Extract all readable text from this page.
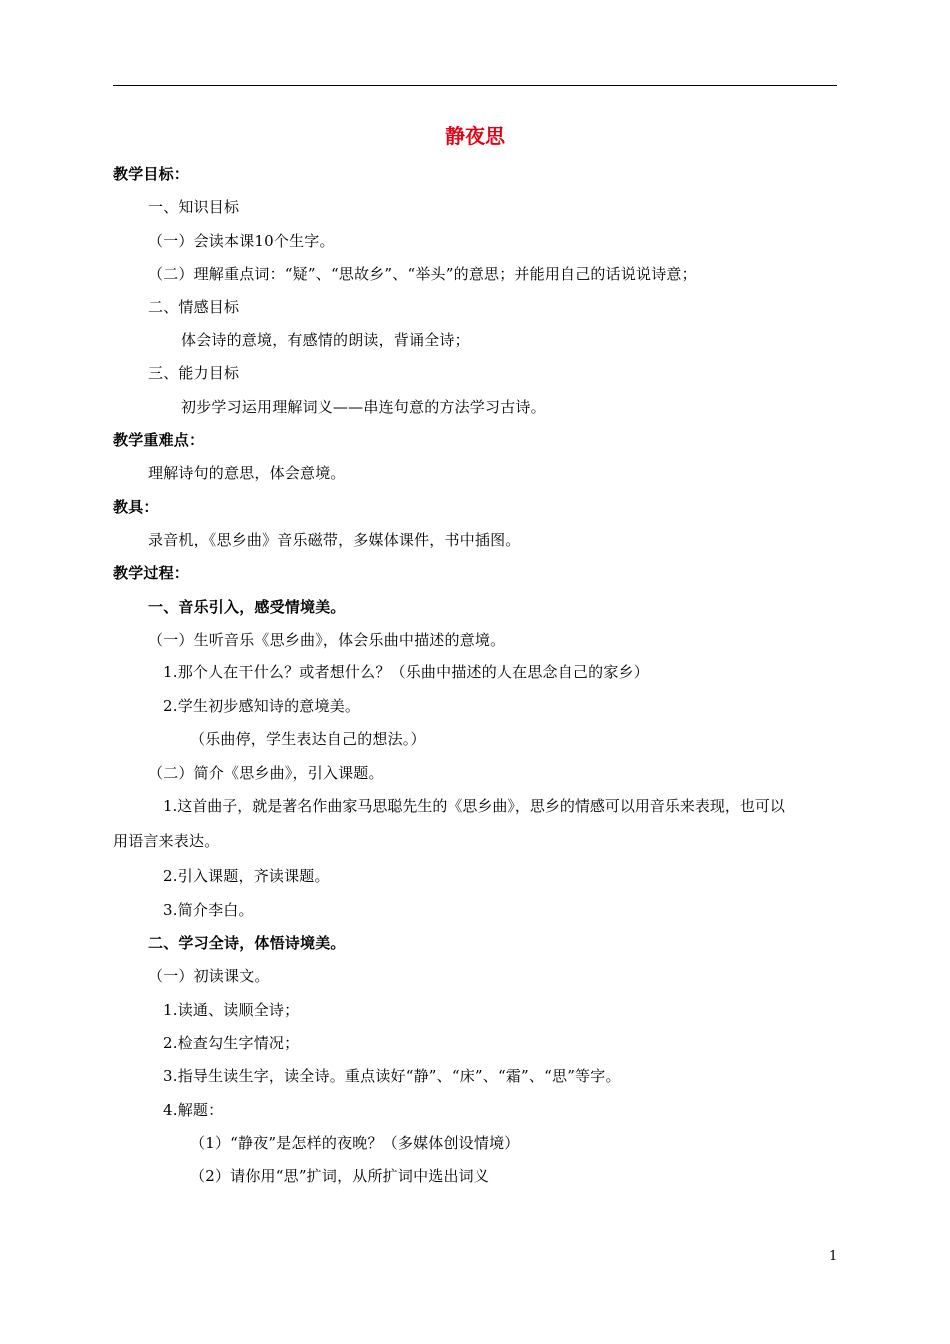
静夜思
教学目标：
一、知识目标
（一）会读本课10个生字。
（二）理解重点词：“疑”、“思故乡”、“举头”的意思；并能用自己的话说说诗意；
二、情感目标
体会诗的意境，有感情的朗读，背诵全诗；
三、能力目标
初步学习运用理解词义——串连句意的方法学习古诗。
教学重难点：
理解诗句的意思，体会意境。
教具：
录音机，《思乡曲》音乐磁带，多媒体课件，书中插图。
教学过程：
一、音乐引入，感受情境美。
（一）生听音乐《思乡曲》，体会乐曲中描述的意境。
1.那个人在干什么？或者想什么？（乐曲中描述的人在思念自己的家乡）
2.学生初步感知诗的意境美。
（乐曲停，学生表达自己的想法。）
（二）简介《思乡曲》，引入课题。
1.这首曲子，就是著名作曲家马思聪先生的《思乡曲》，思乡的情感可以用音乐来表现，也可以
用语言来表达。
2.引入课题，齐读课题。
3.简介李白。
二、学习全诗，体悟诗境美。
（一）初读课文。
1.读通、读顺全诗；
2.检查勾生字情况；
3.指导生读生字，读全诗。重点读好“静”、“床”、“霜”、“思”等字。
4.解题：
（1）“静夜”是怎样的夜晚？（多媒体创设情境）
（2）请你用“思”扩词，从所扩词中选出词义
1
